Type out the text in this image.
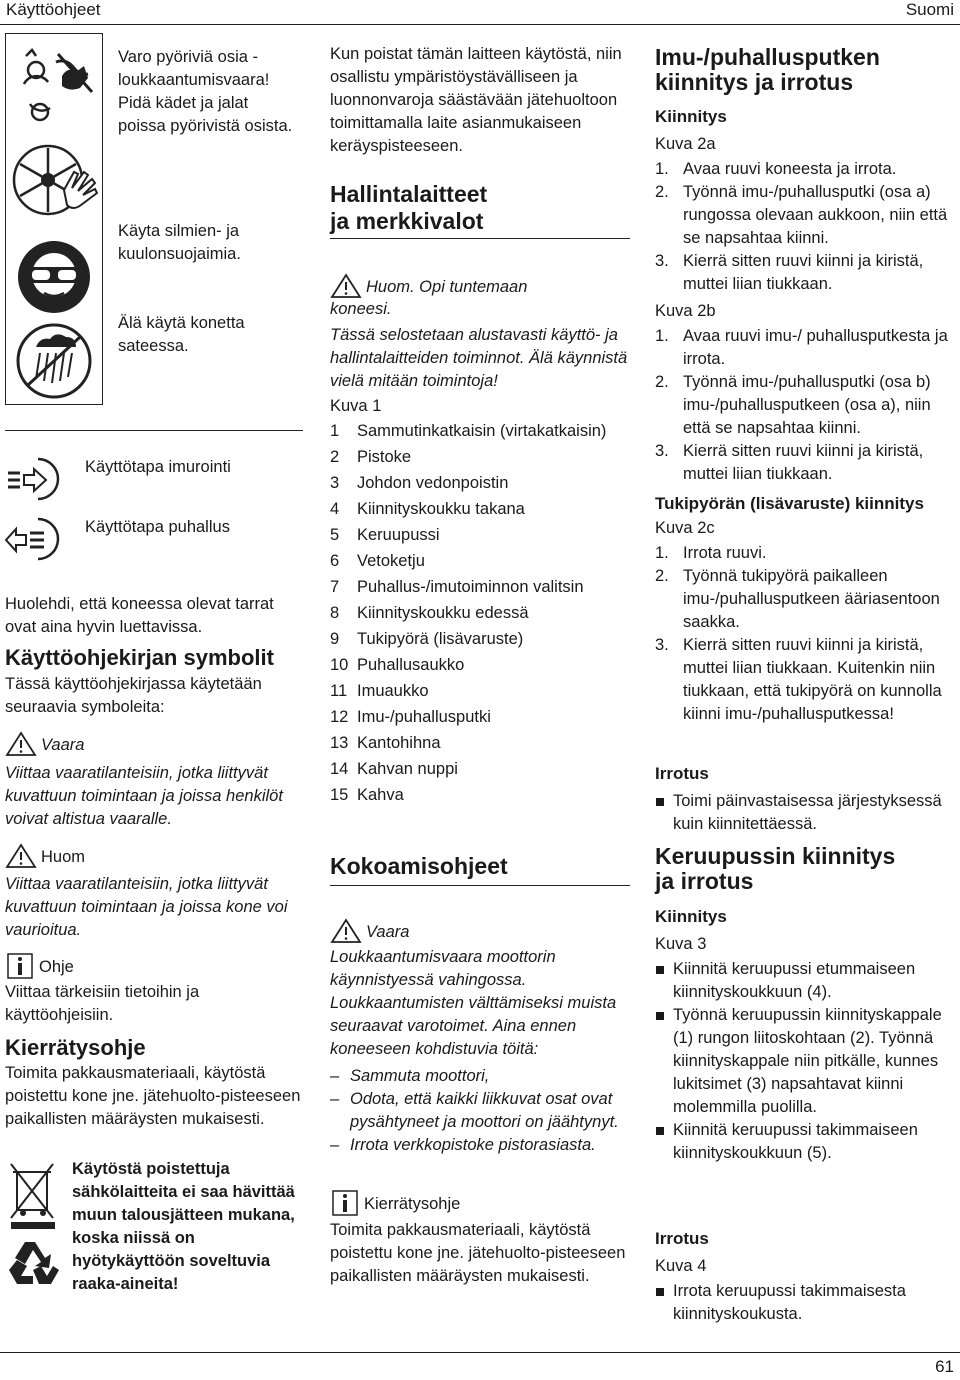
Käyttöohjeet	Suomi
Varo pyöriviä osia - loukkaantumisvaara! Pidä kädet ja jalat poissa pyörivistä osista.
Käyta silmien- ja kuulonsuojaimia.
Älä käytä konetta sateessa.
Käyttötapa imurointi
Käyttötapa puhallus
Huolehdi, että koneessa olevat tarrat ovat aina hyvin luettavissa.
Käyttöohjekirjan symbolit
Tässä käyttöohjekirjassa käytetään seuraavia symboleita:
Vaara
Viittaa vaaratilanteisiin, jotka liittyvät kuvattuun toimintaan ja joissa henkilöt voivat altistua vaaralle.
Huom
Viittaa vaaratilanteisiin, jotka liittyvät kuvattuun toimintaan ja joissa kone voi vaurioitua.
Ohje
Viittaa tärkeisiin tietoihin ja käyttöohjeisiin.
Kierrätysohje
Toimita pakkausmateriaali, käytöstä poistettu kone jne. jätehuolto-pisteeseen paikallisten määräysten mukaisesti.
Käytöstä poistettuja sähkölaitteita ei saa hävittää muun talousjätteen mukana, koska niissä on hyötykäyttöön soveltuvia raaka-aineita!
Kun poistat tämän laitteen käytöstä, niin osallistu ympäristöystävälliseen ja luonnonvaroja säästävään jätehuoltoon toimittamalla laite asianmukaiseen keräyspisteeseen.
Hallintalaitteet
ja merkkivalot
Huom. Opi tuntemaan
koneesi.
Tässä selostetaan alustavasti käyttö- ja hallintalaitteiden toiminnot. Älä käynnistä vielä mitään toimintoja!
Kuva 1
1	Sammutinkatkaisin (virtakatkaisin)
2	Pistoke
3	Johdon vedonpoistin
4	Kiinnityskoukku takana
5	Keruupussi
6	Vetoketju
7	Puhallus-/imutoiminnon valitsin
8	Kiinnityskoukku edessä
9	Tukipyörä (lisävaruste)
10 Puhallusaukko
11 Imuaukko
12 Imu-/puhallusputki
13 Kantohihna
14 Kahvan nuppi
15 Kahva
Kokoamisohjeet
Vaara
Loukkaantumisvaara moottorin käynnistyessä vahingossa.
Loukkaantumisten välttämiseksi muista seuraavat varotoimet. Aina ennen koneeseen kohdistuvia töitä:
– Sammuta moottori,
– Odota, että kaikki liikkuvat osat ovat pysähtyneet ja moottori on jäähtynyt.
– Irrota verkkopistoke pistorasiasta.
Kierrätysohje
Toimita pakkausmateriaali, käytöstä poistettu kone jne. jätehuolto-pisteeseen paikallisten määräysten mukaisesti.
Imu-/puhallusputken
kiinnitys ja irrotus
Kiinnitys
Kuva 2a
1. Avaa ruuvi koneesta ja irrota.
2. Työnnä imu-/puhallusputki (osa a) rungossa olevaan aukkoon, niin että se napsahtaa kiinni.
3. Kierrä sitten ruuvi kiinni ja kiristä, muttei liian tiukkaan.
Kuva 2b
1. Avaa ruuvi imu-/ puhallusputkesta ja irrota.
2. Työnnä imu-/puhallusputki (osa b) imu-/puhallusputkeen (osa a), niin että se napsahtaa kiinni.
3. Kierrä sitten ruuvi kiinni ja kiristä, muttei liian tiukkaan.
Tukipyörän (lisävaruste) kiinnitys
Kuva 2c
1. Irrota ruuvi.
2. Työnnä tukipyörä paikalleen imu-/puhallusputkeen ääriasentoon saakka.
3. Kierrä sitten ruuvi kiinni ja kiristä, muttei liian tiukkaan. Kuitenkin niin tiukkaan, että tukipyörä on kunnolla kiinni imu-/puhallusputkessa!
Irrotus
Toimi päinvastaisessa järjestyksessä kuin kiinnitettäessä.
Keruupussin kiinnitys
ja irrotus
Kiinnitys
Kuva 3
Kiinnitä keruupussi etummaiseen kiinnityskoukkuun (4).
Työnnä keruupussin kiinnityskappale (1) rungon liitoskohtaan (2). Työnnä kiinnityskappale niin pitkälle, kunnes lukitsimet (3) napsahtavat kiinni molemmilla puolilla.
Kiinnitä keruupussi takimmaiseen kiinnityskoukkuun (5).
Irrotus
Kuva 4
Irrota keruupussi takimmaisesta kiinnityskoukusta.
61
